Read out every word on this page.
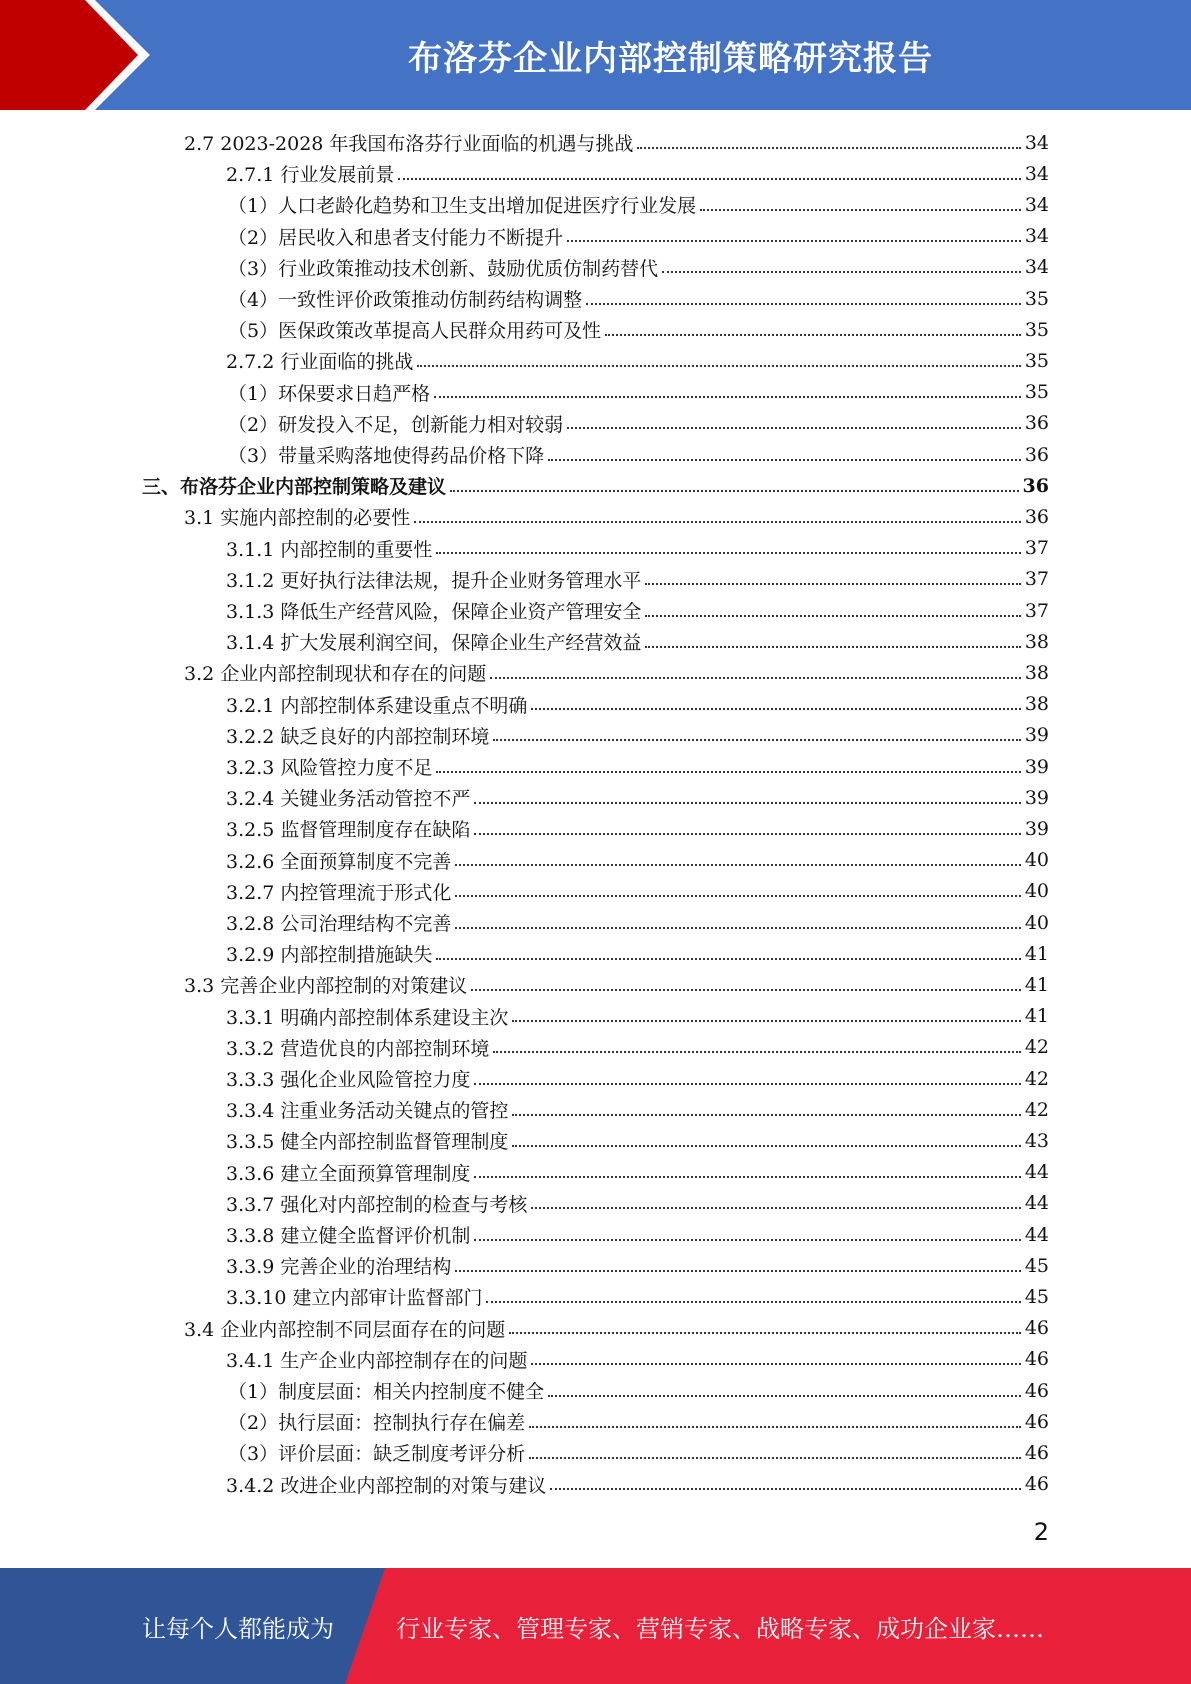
布洛芬企业内部控制策略研究报告
2.7 2023-2028 年我国布洛芬行业面临的机遇与挑战	34
2.7.1 行业发展前景	34
（1）人口老龄化趋势和卫生支出增加促进医疗行业发展	34
（2）居民收入和患者支付能力不断提升	34
（3）行业政策推动技术创新、鼓励优质仿制药替代	34
（4）一致性评价政策推动仿制药结构调整	35
（5）医保政策改革提高人民群众用药可及性	35
2.7.2 行业面临的挑战	35
（1）环保要求日趋严格	35
（2）研发投入不足，创新能力相对较弱	36
（3）带量采购落地使得药品价格下降	36
三、布洛芬企业内部控制策略及建议	36
3.1 实施内部控制的必要性	36
3.1.1 内部控制的重要性	37
3.1.2 更好执行法律法规，提升企业财务管理水平	37
3.1.3 降低生产经营风险，保障企业资产管理安全	37
3.1.4 扩大发展利润空间，保障企业生产经营效益	38
3.2 企业内部控制现状和存在的问题	38
3.2.1 内部控制体系建设重点不明确	38
3.2.2 缺乏良好的内部控制环境	39
3.2.3 风险管控力度不足	39
3.2.4 关键业务活动管控不严	39
3.2.5 监督管理制度存在缺陷	39
3.2.6 全面预算制度不完善	40
3.2.7 内控管理流于形式化	40
3.2.8 公司治理结构不完善	40
3.2.9 内部控制措施缺失	41
3.3 完善企业内部控制的对策建议	41
3.3.1 明确内部控制体系建设主次	41
3.3.2 营造优良的内部控制环境	42
3.3.3 强化企业风险管控力度	42
3.3.4 注重业务活动关键点的管控	42
3.3.5 健全内部控制监督管理制度	43
3.3.6 建立全面预算管理制度	44
3.3.7 强化对内部控制的检查与考核	44
3.3.8 建立健全监督评价机制	44
3.3.9 完善企业的治理结构	45
3.3.10 建立内部审计监督部门	45
3.4 企业内部控制不同层面存在的问题	46
3.4.1 生产企业内部控制存在的问题	46
（1）制度层面：相关内控制度不健全	46
（2）执行层面：控制执行存在偏差	46
（3）评价层面：缺乏制度考评分析	46
3.4.2 改进企业内部控制的对策与建议	46
2
让每个人都能成为	行业专家、管理专家、营销专家、战略专家、成功企业家……
